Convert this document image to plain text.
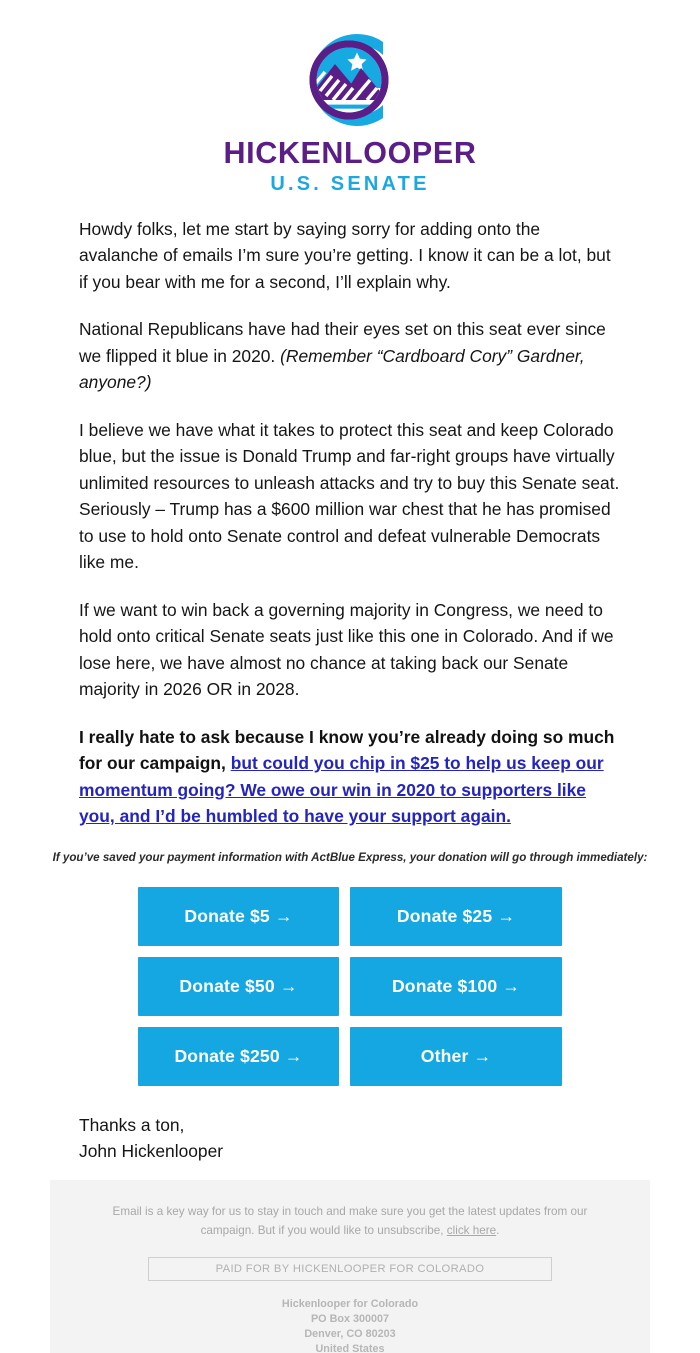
HICKENLOOPER
U.S. SENATE

Howdy folks, let me start by saying sorry for adding onto the avalanche of emails I’m sure you’re getting. I know it can be a lot, but if you bear with me for a second, I’ll explain why.

National Republicans have had their eyes set on this seat ever since we flipped it blue in 2020. (Remember “Cardboard Cory” Gardner, anyone?)

I believe we have what it takes to protect this seat and keep Colorado blue, but the issue is Donald Trump and far-right groups have virtually unlimited resources to unleash attacks and try to buy this Senate seat. Seriously – Trump has a $600 million war chest that he has promised to use to hold onto Senate control and defeat vulnerable Democrats like me.

If we want to win back a governing majority in Congress, we need to hold onto critical Senate seats just like this one in Colorado. And if we lose here, we have almost no chance at taking back our Senate majority in 2026 OR in 2028.

I really hate to ask because I know you’re already doing so much for our campaign, but could you chip in $25 to help us keep our momentum going? We owe our win in 2020 to supporters like you, and I’d be humbled to have your support again.

If you’ve saved your payment information with ActBlue Express, your donation will go through immediately:

Donate $5 →	Donate $25 →
Donate $50 →	Donate $100 →
Donate $250 →	Other →
Thanks a ton,
John Hickenlooper

Email is a key way for us to stay in touch and make sure you get the latest updates from our campaign. But if you would like to unsubscribe, click here.

PAID FOR BY HICKENLOOPER FOR COLORADO
Hickenlooper for Colorado
PO Box 300007
Denver, CO 80203
United States
